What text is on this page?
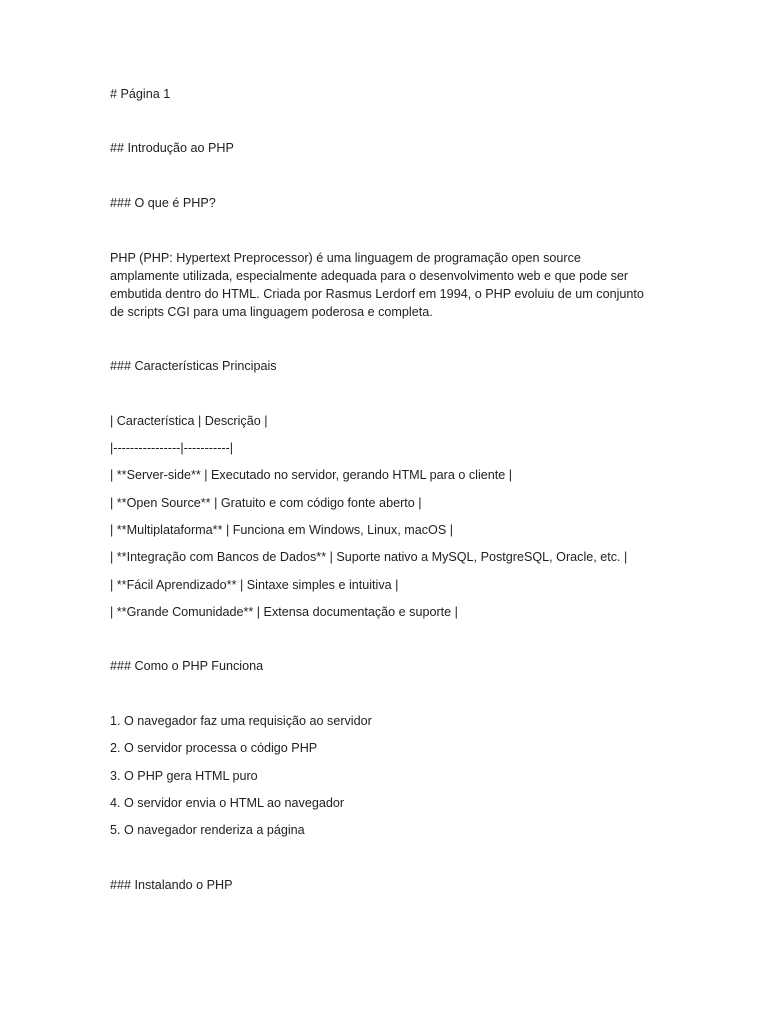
# Página 1
## Introdução ao PHP
### O que é PHP?
PHP (PHP: Hypertext Preprocessor) é uma linguagem de programação open source
amplamente utilizada, especialmente adequada para o desenvolvimento web e que pode ser
embutida dentro do HTML. Criada por Rasmus Lerdorf em 1994, o PHP evoluiu de um conjunto
de scripts CGI para uma linguagem poderosa e completa.
### Características Principais
| Característica | Descrição |
|----------------|-----------|
| **Server-side** | Executado no servidor, gerando HTML para o cliente |
| **Open Source** | Gratuito e com código fonte aberto |
| **Multiplataforma** | Funciona em Windows, Linux, macOS |
| **Integração com Bancos de Dados** | Suporte nativo a MySQL, PostgreSQL, Oracle, etc. |
| **Fácil Aprendizado** | Sintaxe simples e intuitiva |
| **Grande Comunidade** | Extensa documentação e suporte |
### Como o PHP Funciona
1. O navegador faz uma requisição ao servidor
2. O servidor processa o código PHP
3. O PHP gera HTML puro
4. O servidor envia o HTML ao navegador
5. O navegador renderiza a página
### Instalando o PHP
